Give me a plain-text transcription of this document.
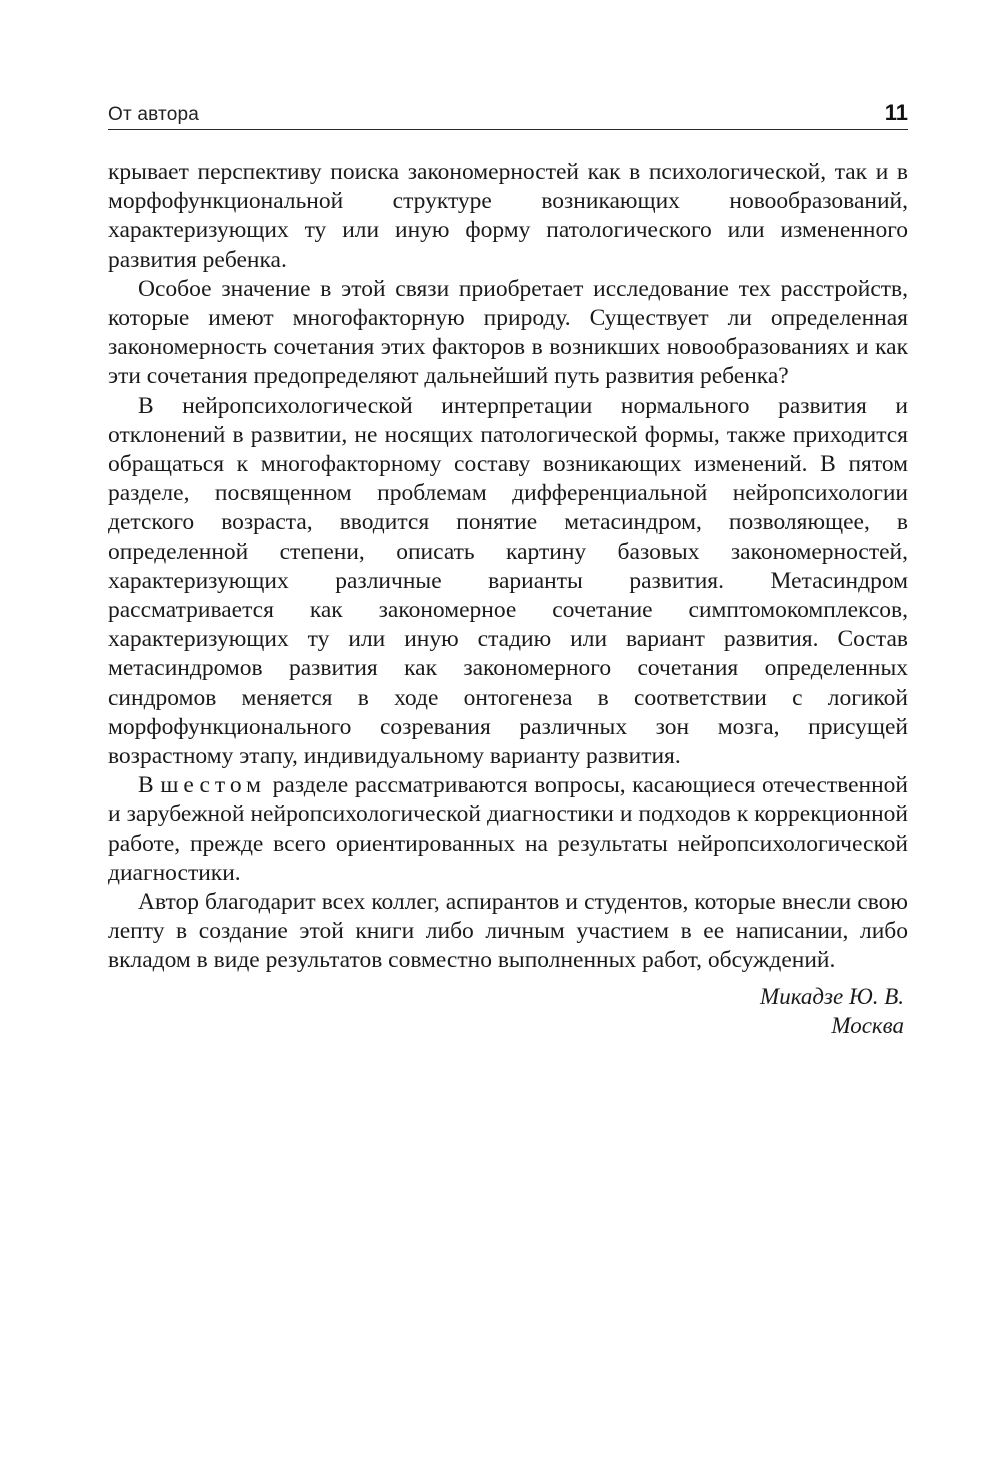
От автора	11

крывает перспективу поиска закономерностей как в психологической, так и в морфофункциональной структуре возникающих новообразований, характеризующих ту или иную форму патологического или измененного развития ребенка.

Особое значение в этой связи приобретает исследование тех расстройств, которые имеют многофакторную природу. Существует ли определенная закономерность сочетания этих факторов в возникших новообразованиях и как эти сочетания предопределяют дальнейший путь развития ребенка?

В нейропсихологической интерпретации нормального развития и отклонений в развитии, не носящих патологической формы, также приходится обращаться к многофакторному составу возникающих изменений. В пятом разделе, посвященном проблемам дифференциальной нейропсихологии детского возраста, вводится понятие метасиндром, позволяющее, в определенной степени, описать картину базовых закономерностей, характеризующих различные варианты развития. Метасиндром рассматривается как закономерное сочетание симптомокомплексов, характеризующих ту или иную стадию или вариант развития. Состав метасиндромов развития как закономерного сочетания определенных синдромов меняется в ходе онтогенеза в соответствии с логикой морфофункционального созревания различных зон мозга, присущей возрастному этапу, индивидуальному варианту развития.

В шестом разделе рассматриваются вопросы, касающиеся отечественной и зарубежной нейропсихологической диагностики и подходов к коррекционной работе, прежде всего ориентированных на результаты нейропсихологической диагностики.

Автор благодарит всех коллег, аспирантов и студентов, которые внесли свою лепту в создание этой книги либо личным участием в ее написании, либо вкладом в виде результатов совместно выполненных работ, обсуждений.

Микадзе Ю. В.
Москва
